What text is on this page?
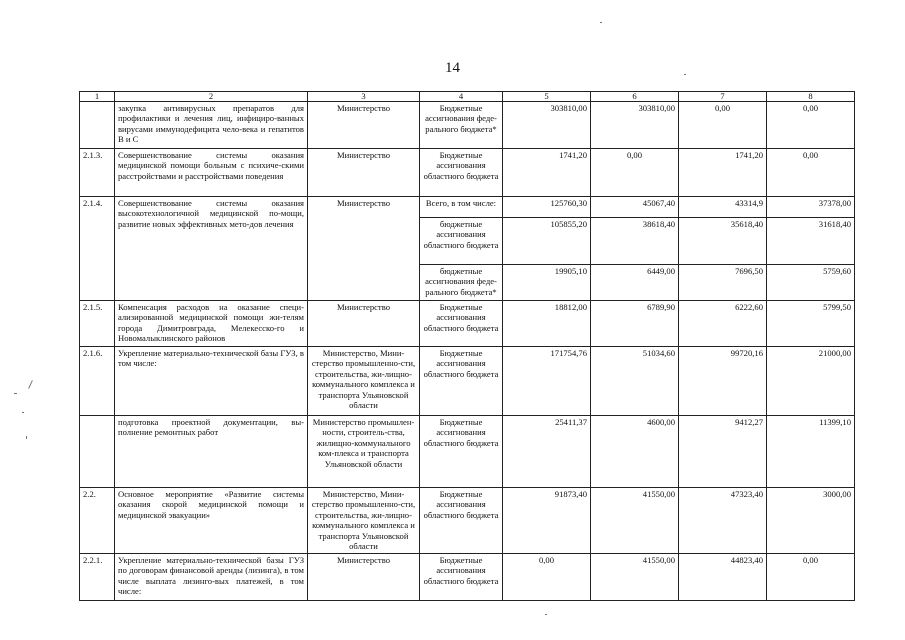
14
1	2	3	4	5	6	7	8
	закупка антивирусных препаратов для профилактики и лечения лиц, инфициро-ванных вирусами иммунодефицита чело-века и гепатитов В и С	Министерство	Бюджетные ассигнования феде-рального бюджета*	303810,00	303810,00	0,00	0,00
2.1.3.	Совершенствование системы оказания медицинской помощи больным с психиче-скими расстройствами и расстройствами поведения	Министерство	Бюджетные ассигнования областного бюджета	1741,20	0,00	1741,20	0,00
2.1.4.	Совершенствование системы оказания высокотехнологичной медицинской по-мощи, развитие новых эффективных мето-дов лечения	Министерство	Всего, в том числе:	125760,30	45067,40	43314,9	37378,00
			бюджетные ассигнования областного бюджета	105855,20	38618,40	35618,40	31618,40
			бюджетные ассигнования феде-рального бюджета*	19905,10	6449,00	7696,50	5759,60
2.1.5.	Компенсация расходов на оказание специ-ализированной медицинской помощи жи-телям города Димитровграда, Мелекесско-го и Новомалыклинского районов	Министерство	Бюджетные ассигнования областного бюджета	18812,00	6789,90	6222,60	5799,50
2.1.6.	Укрепление материально-технической базы ГУЗ, в том числе:	Министерство, Мини-стерство промышленно-сти, строительства, жи-лищно-коммунального комплекса и транспорта Ульяновской области	Бюджетные ассигнования областного бюджета	171754,76	51034,60	99720,16	21000,00
	подготовка проектной документации, вы-полнение ремонтных работ	Министерство промышлен-ности, строитель-ства, жилищно-коммунального ком-плекса и транспорта Ульяновской области	Бюджетные ассигнования областного бюджета	25411,37	4600,00	9412,27	11399,10
2.2.	Основное мероприятие «Развитие системы оказания скорой медицинской помощи и медицинской эвакуации»	Министерство, Мини-стерство промышленно-сти, строительства, жи-лищно-коммунального комплекса и транспорта Ульяновской области	Бюджетные ассигнования областного бюджета	91873,40	41550,00	47323,40	3000,00
2.2.1.	Укрепление материально-технической базы ГУЗ по договорам финансовой аренды (лизинга), в том числе выплата лизинго-вых платежей, в том числе:	Министерство	Бюджетные ассигнования областного бюджета	0,00	41550,00	44823,40	0,00
